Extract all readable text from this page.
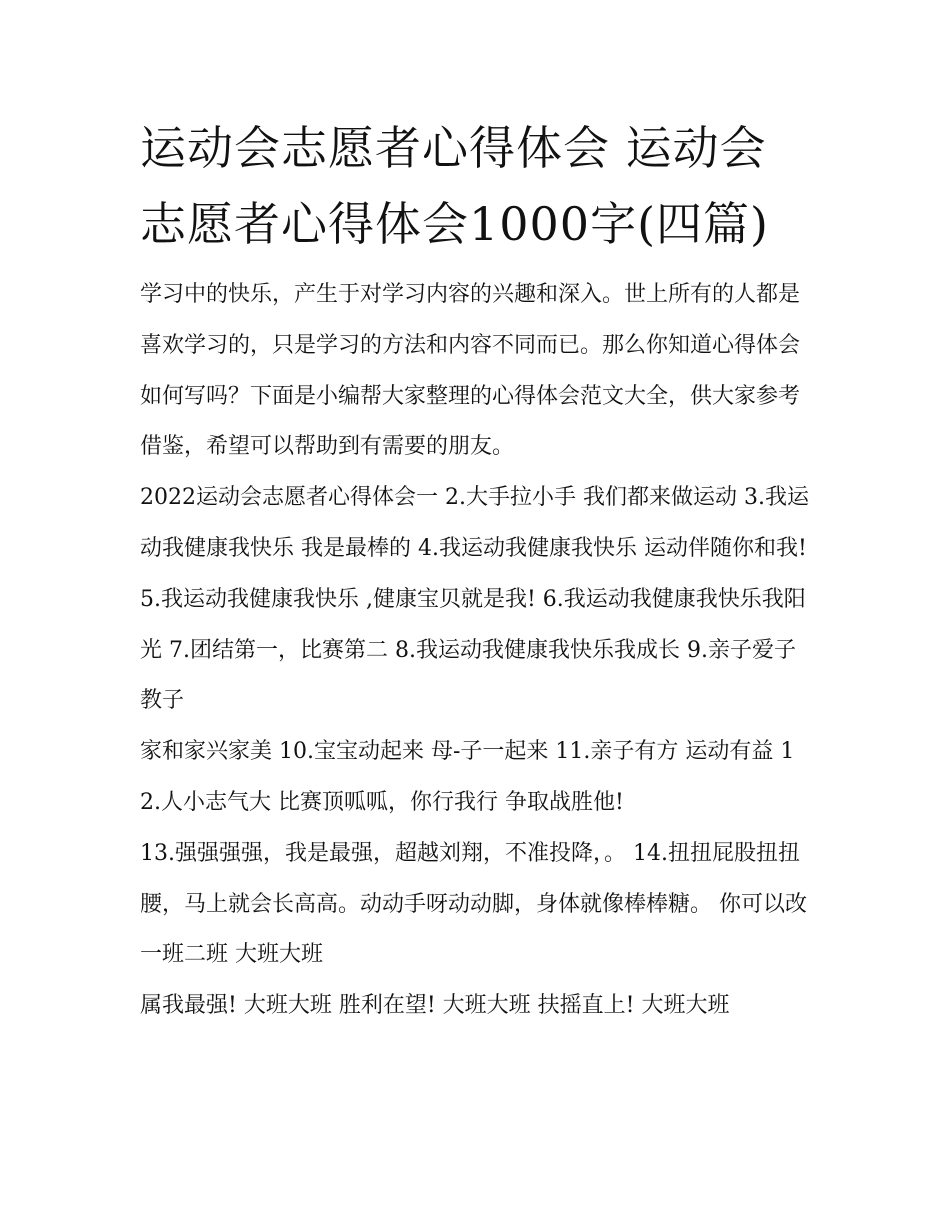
运动会志愿者心得体会 运动会志愿者心得体会1000字(四篇)

学习中的快乐，产生于对学习内容的兴趣和深入。世上所有的人都是喜欢学习的，只是学习的方法和内容不同而已。那么你知道心得体会如何写吗？下面是小编帮大家整理的心得体会范文大全，供大家参考借鉴，希望可以帮助到有需要的朋友。

2022运动会志愿者心得体会一 2.大手拉小手 我们都来做运动 3.我运动我健康我快乐 我是最棒的 4.我运动我健康我快乐 运动伴随你和我!

5.我运动我健康我快乐 ,健康宝贝就是我! 6.我运动我健康我快乐我阳光 7.团结第一，比赛第二 8.我运动我健康我快乐我成长 9.亲子爱子教子

家和家兴家美 10.宝宝动起来 母-子一起来 11.亲子有方 运动有益 12.人小志气大 比赛顶呱呱，你行我行 争取战胜他!

13.强强强强，我是最强，超越刘翔，不准投降，。 14.扭扭屁股扭扭腰，马上就会长高高。动动手呀动动脚，身体就像棒棒糖。 你可以改一班二班 大班大班

属我最强! 大班大班 胜利在望! 大班大班 扶摇直上! 大班大班
